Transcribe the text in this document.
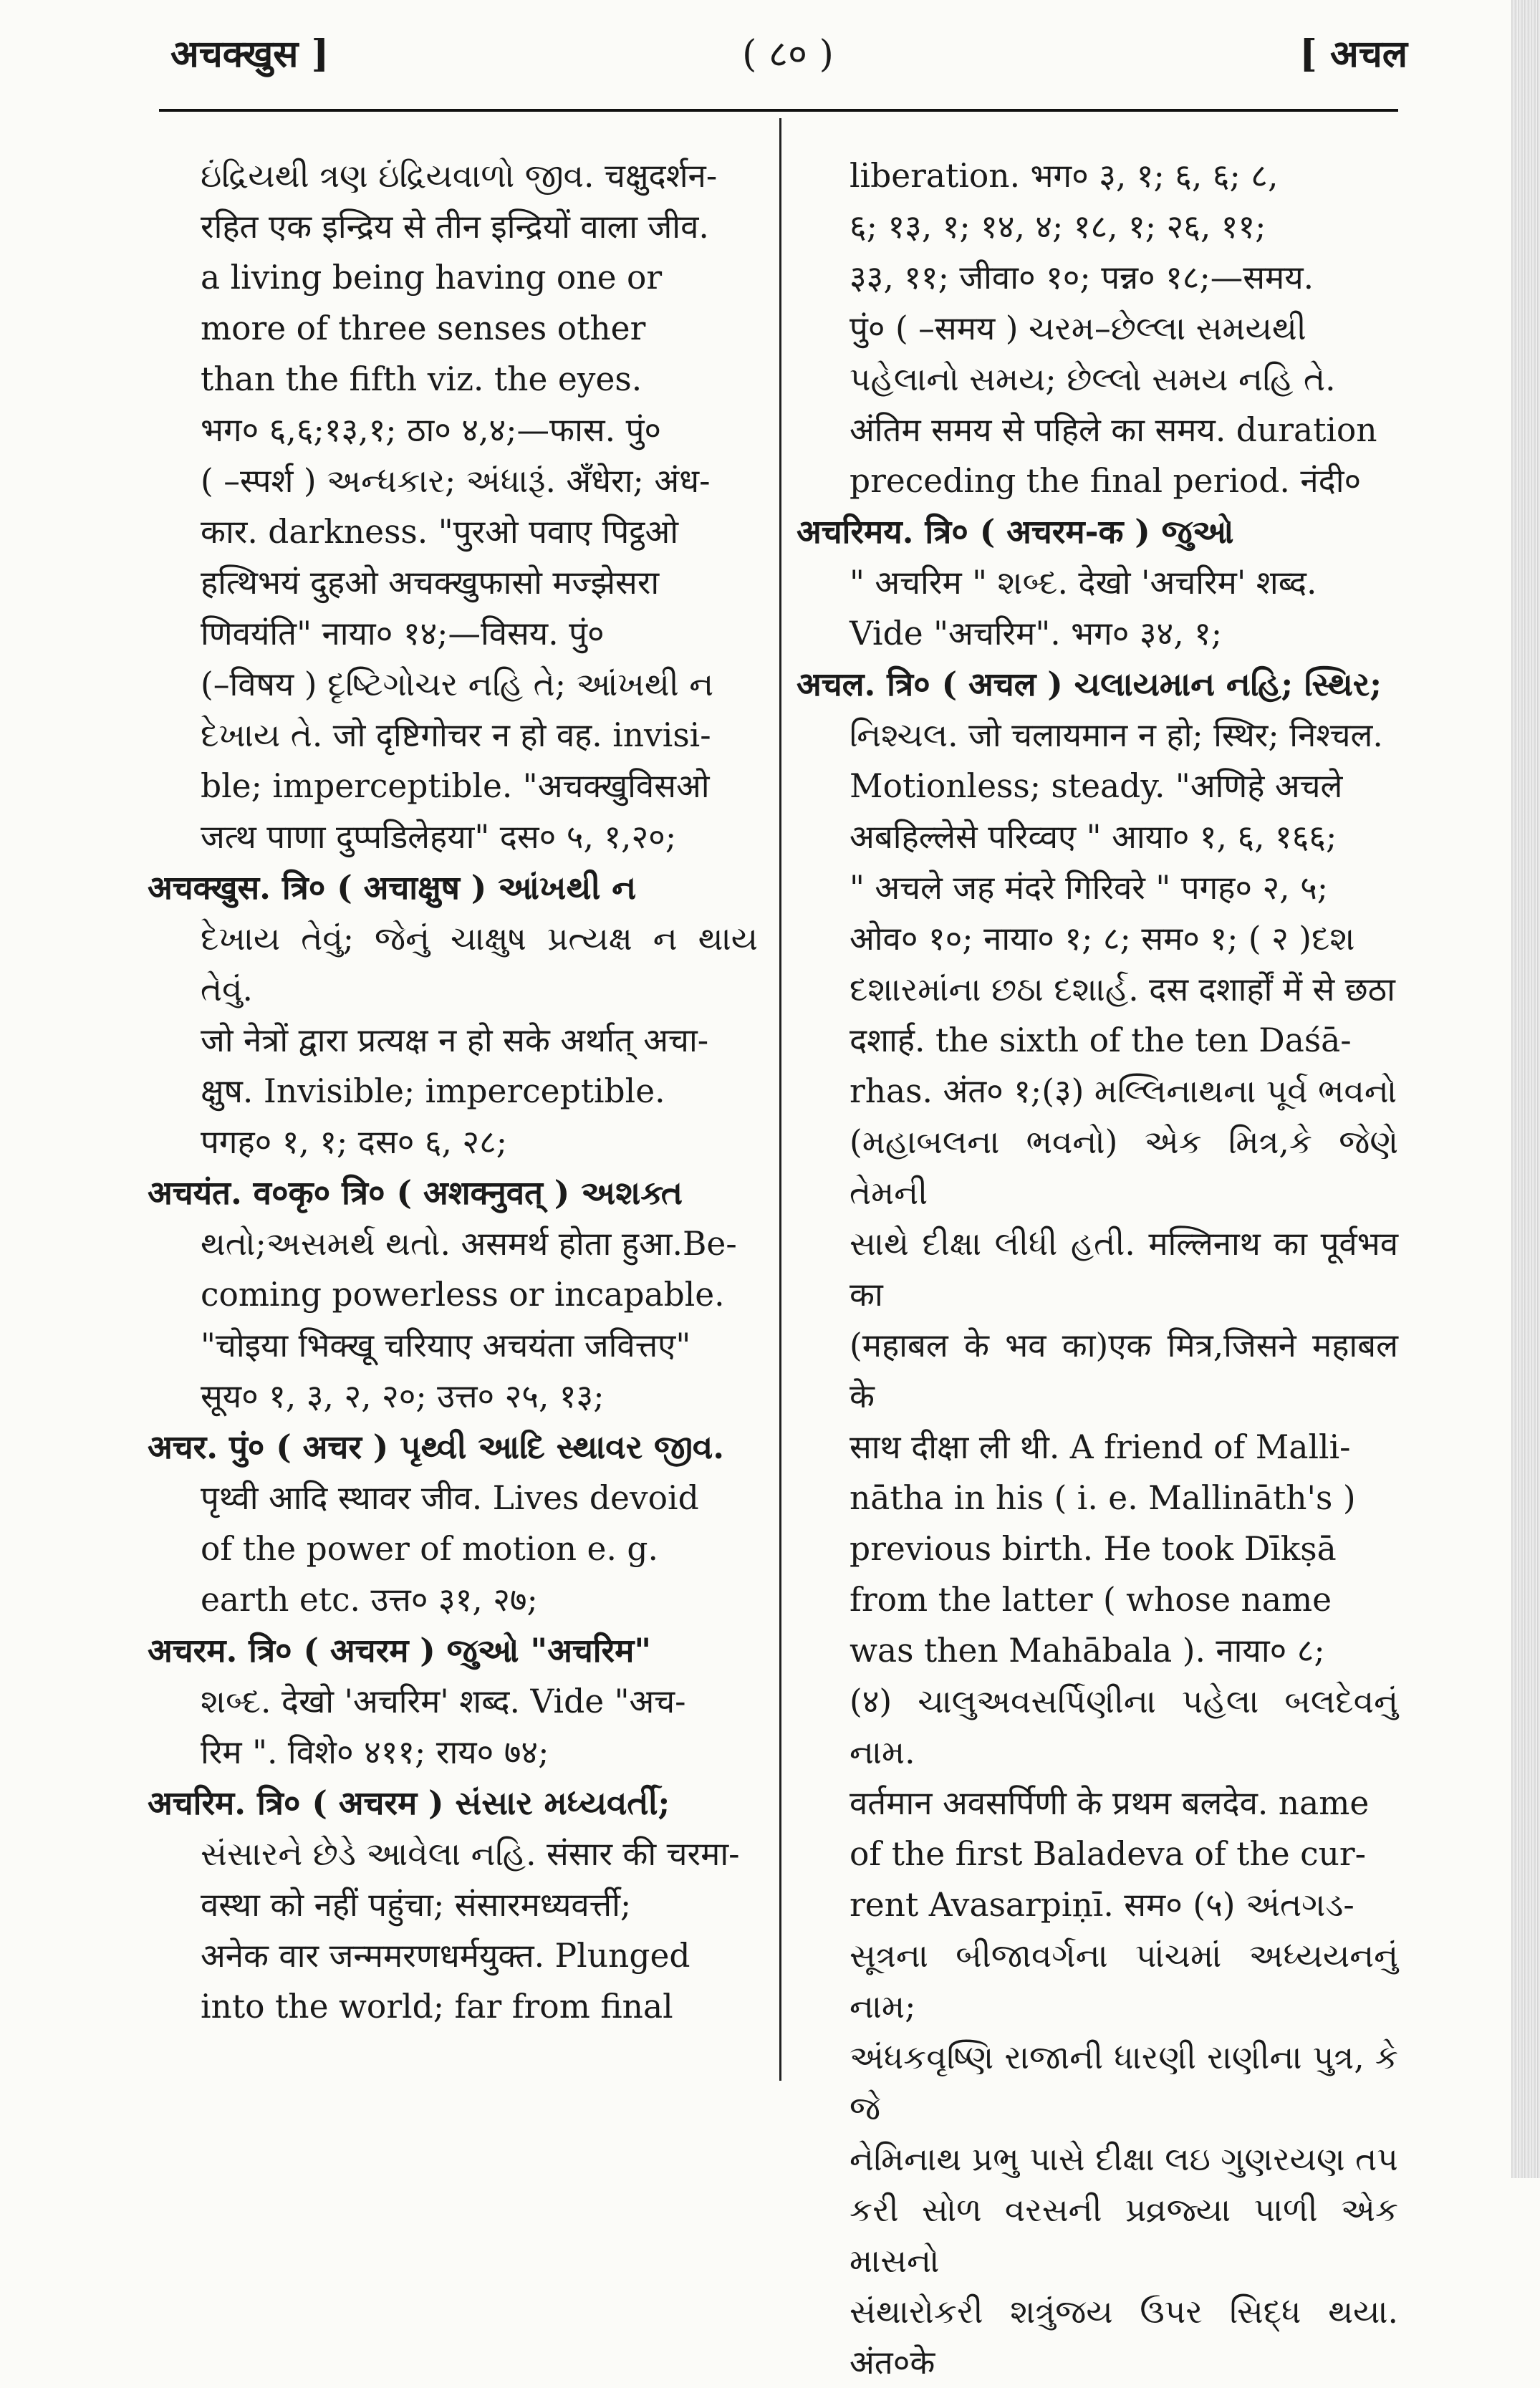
अचक्खुस ]	( ८० )	[ अचल
ઇંદ્રિયથી ત્રણ ઇંદ્રિયવાળો જીવ. चक्षुदर्शन-
रहित एक इन्द्रिय से तीन इन्द्रियों वाला जीव.
a living being having one or
more of three senses other
than the fifth viz. the eyes.
भग० ६,६;१३,१; ठा० ४,४;—फास. पुं०
( –स्पर्श ) અન્ધકાર; અંધારૂં. अँधेरा; अंध-
कार. darkness. "पुरओ पवाए पिट्ठओ
हत्थिभयं दुहओ अचक्खुफासो मज्झेसरा
णिवयंति" नाया० १४;—विसय. पुं०
(–विषय ) દૃષ્ટિગોચર નહિ તે; આંખથી ન
દેખાય તે. जो दृष्टिगोचर न हो वह. invisi-
ble; imperceptible. "अचक्खुविसओ
जत्थ पाणा दुप्पडिलेहया" दस० ५, १,२०;
अचक्खुस. त्रि० ( अचाक्षुष ) આંખથી ન
દેખાય તેવું; જેનું ચાક્ષુષ પ્રત્યક્ષ ન થાય તેવું.
जो नेत्रों द्वारा प्रत्यक्ष न हो सके अर्थात् अचा-
क्षुष. Invisible; imperceptible.
पगह० १, १; दस० ६, २८;
अचयंत. व०कृ० त्रि० ( अशक्नुवत् ) અશક્ત
થતો;અસમર્થ થતો. असमर्थ होता हुआ.Be-
coming powerless or incapable.
"चोइया भिक्खू चरियाए अचयंता जवित्तए"
सूय० १, ३, २, २०; उत्त० २५, १३;
अचर. पुं० ( अचर ) પૃથ્વી આદિ સ્થાવર જીવ.
पृथ्वी आदि स्थावर जीव. Lives devoid
of the power of motion e. g.
earth etc. उत्त० ३१, २७;
अचरम. त्रि० ( अचरम ) જુઓ "अचरिम"
શબ્દ. देखो 'अचरिम' शब्द. Vide "अच-
रिम ". विशे० ४११; राय० ७४;
अचरिम. त्रि० ( अचरम ) સંસાર મધ્યવર્તી;
સંસારને છેડે આવેલા નહિ. संसार की चरमा-
वस्था को नहीं पहुंचा; संसारमध्यवर्त्ती;
अनेक वार जन्ममरणधर्मयुक्त. Plunged
into the world; far from final
liberation. भग० ३, १; ६, ६; ८,
६; १३, १; १४, ४; १८, १; २६, ११;
३३, ११; जीवा० १०; पन्न० १८;—समय.
पुं० ( –समय ) ચરમ–છેલ્લા સમયથી
પહેલાનો સમય; છેલ્લો સમય નહિ તે.
अंतिम समय से पहिले का समय. duration
preceding the final period. नंदी०
अचरिमय. त्रि० ( अचरम-क ) જુઓ
" अचरिम " શબ્દ. देखो 'अचरिम' शब्द.
Vide "अचरिम". भग० ३४, १;
अचल. त्रि० ( अचल ) ચલાયમાન નહિ; સ્થિર;
નિશ્ચલ. जो चलायमान न हो; स्थिर; निश्चल.
Motionless; steady. "अणिहे अचले
अबहिल्लेसे परिव्वए " आया० १, ६, १६६;
" अचले जह मंदरे गिरिवरे " पगह० २, ५;
ओव० १०; नाया० १; ८; सम० १; ( २ )દશ
દશારમાંના છઠા દશાર્હ. दस दशार्हों में से छठा
दशार्ह. the sixth of the ten Daśā-
rhas. अंत० १;(३) મલ્લિનાથના પૂર્વ ભવનો
(મહાબલના ભવનો) એક મિત્ર,કે જેણે તેમની
સાથે દીક્ષા લીધી હતી. मल्लिनाथ का पूर्वभव का
(महाबल के भव का)एक मित्र,जिसने महाबल के
साथ दीक्षा ली थी. A friend of Malli-
nātha in his ( i. e. Mallināth's )
previous birth. He took Dīkṣā
from the latter ( whose name
was then Mahābala ). नाया० ८;
(४) ચાલુઅવસર્પિણીના પહેલા બલદેવનું નામ.
वर्तमान अवसर्पिणी के प्रथम बलदेव. name
of the first Baladeva of the cur-
rent Avasarpiṇī. सम० (५) અંતગડ-
સૂત્રના બીજાવર્ગના પાંચમાં અધ્યયનનું નામ;
અંધકવૃષ્ણિ રાજાની ધારણી રાણીના પુત્ર, કે જે
નેમિનાથ પ્રભુ પાસે દીક્ષા લઇ ગુણરયણ તપ
કરી સોળ વરસની પ્રવ્રજ્યા પાળી એક માસનો
સંથારોકરી શત્રુંજય ઉપર સિદ્ધ થયા. अंत०के
